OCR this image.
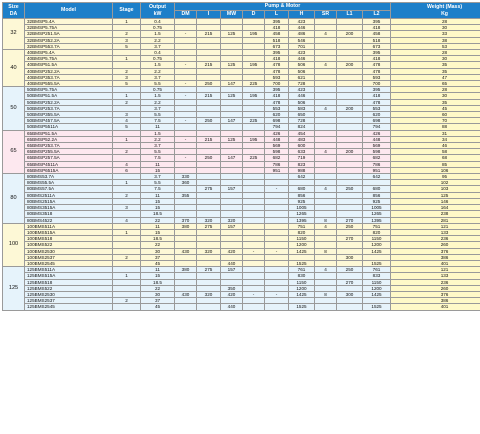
Size
DA	Model	Stage	Output
kW	Pump & Motor									Weight (Mass)
Kg
				DM	I	MW	D	L	H	SR	L1	L2	
32	32BMSP5.4A	1	0.4					395	423			395	28
	32BMSP5.75A		0.75					418	446			418	30
	32BMSP251.5A	2	1.5	-	215	125	195	458	486	4	200	458	33
	32BMSP352.2A	3	2.2					518	546			518	38
	32BMSP553.7A	5	3.7					673	701			673	53
40	40BMSP5.4A		0.4					395	423			395	28
	40BMSP5.75A	1	0.75					418	446			418	30
	40BMSP51.5A		1.5	-	215	125	195	478	506	4	200	478	35
	40BMSP252.2A	2	2.2					478	506			478	35
	40BMSP353.7A	3	3.7					593	621			593	47
	40BMSP555.5A	5	5.5	-	250	147	225	700	728			700	65
50	50BMSP5.75A		0.75					395	423			395	28
	50BMSP51.5A	1	1.5	-	215	125	195	418	446			418	30
	50BMSP252.2A	2	2.2					478	506			478	35
	50BMSP253.7A		3.7					553	583	4	200	553	45
	50BMSP355.5A	3	5.5					620	650			620	60
	50BMSP457.5A	4	7.5	-	250	147	225	698	728			698	70
	50BMSP5511A	5	11					794	824			794	88
65	65BMSP51.5A		1.5					426	454			426	31
	65BMSP52.2A	1	2.2	-	215	125	195	448	483			448	34
	65BMSP253.7A		3.7					569	600			569	46
	65BMSP255.5A	2	5.5					598	633	4	200	598	58
	65BMSP257.5A		7.5	-	250	147	225	682	719			682	68
	65BMSP4511A	4	11					786	823			786	85
	65BMSP6515A	6	15					951	988			951	106
80	80BMS53.7A		3.7	330					642			642	95
	80BMS55.5A	1	5.5	360									102
	80BMS57.5A		7.5		275	157		-	680	4	250	680	103
	80BMS2511A	2	11	355					856			856	125
	80BMS2515A		15						925			925	146
	80BMS3515A	3	15						1005			1005	164
	80BMS3518		18.5						1265			1265	238
	80BMS4522	4	22	370	320	320			1395	8	270	1395	281
100	100BMS511A		11	380	275	157			751	4	250	751	121
	100BMS515A	1	15						820			820	133
	100BMS518		18.5						1150		270	1150	236
	100BMS522		22						1200			1200	260
	100BMS2530		30	430	320	420	-	-	1425	8		1425	376
	100BMS2537	2	37								300		386
	100BMS2545		45			440			1525			1525	401
125	125BMS511A		11	380	275	157			761	4	250	761	121
	125BMS515A	1	15						830			833	133
	125BMS518		18.5						1150		270	1150	236
	125BMS522		22			350			1200			1200	260
	125BMS2530		30	430	320	420	-	-	1425	8	300	1425	376
	125BMS2537	2	37										386
	125BMS2545		45			440			1525			1525	401
